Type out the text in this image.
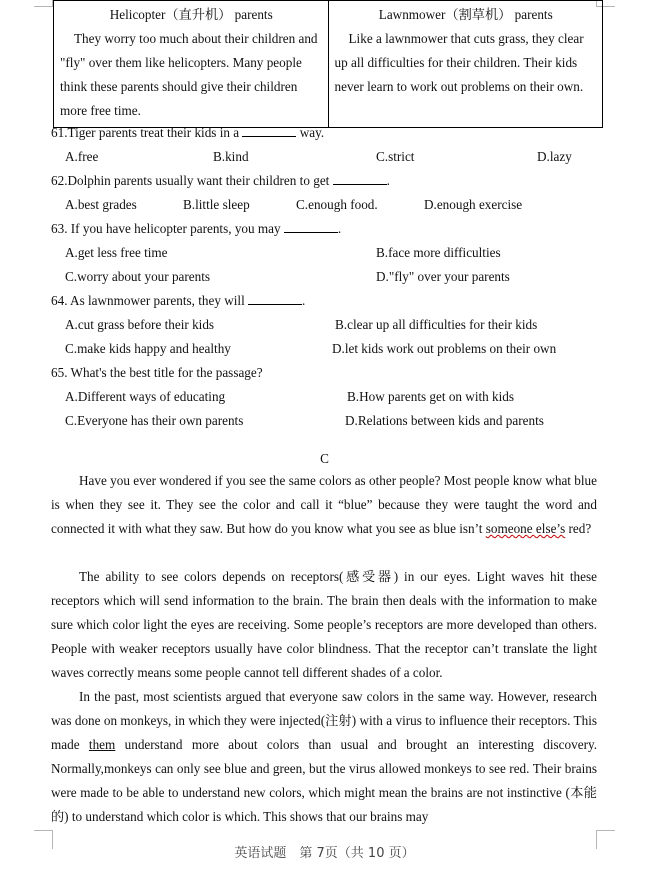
Helicopter（直升机） parents
They worry too much about their children and "fly" over them like helicopters. Many people think these parents should give their children more free time.

Lawnmower（割草机） parents
Like a lawnmower that cuts grass, they clear up all difficulties for their children. Their kids never learn to work out problems on their own.
61.Tiger parents treat their kids in a	way.
A.free	B.kind	C.strict	D.lazy
62.Dolphin parents usually want their children to get	.
A.best grades	B.little sleep	C.enough food.	D.enough exercise
63. If you have helicopter parents, you may	.
A.get less free time	B.face more difficulties
C.worry about your parents	D."fly" over your parents
64. As lawnmower parents, they will	.
A.cut grass before their kids	B.clear up all difficulties for their kids
C.make kids happy and healthy	D.let kids work out problems on their own
65. What's the best title for the passage?
A.Different ways of educating	B.How parents get on with kids
C.Everyone has their own parents	D.Relations between kids and parents
C

Have you ever wondered if you see the same colors as other people? Most people know what blue is when they see it. They see the color and call it “blue” because they were taught the word and connected it with what they saw. But how do you know what you see as blue isn’t someone else’s red?

The ability to see colors depends on receptors(感受器) in our eyes. Light waves hit these receptors which will send information to the brain. The brain then deals with the information to make sure which color light the eyes are receiving. Some people’s receptors are more developed than others. People with weaker receptors usually have color blindness. That the receptor can’t translate the light waves correctly means some people cannot tell different shades of a color.

In the past, most scientists argued that everyone saw colors in the same way. However, research was done on monkeys, in which they were injected(注射) with a virus to influence their receptors. This made them understand more about colors than usual and brought an interesting discovery. Normally,monkeys can only see blue and green, but the virus allowed monkeys to see red. Their brains were made to be able to understand new colors, which might mean the brains are not instinctive (本能的) to understand which color is which. This shows that our brains may

英语试题　第 7页（共 10 页）
